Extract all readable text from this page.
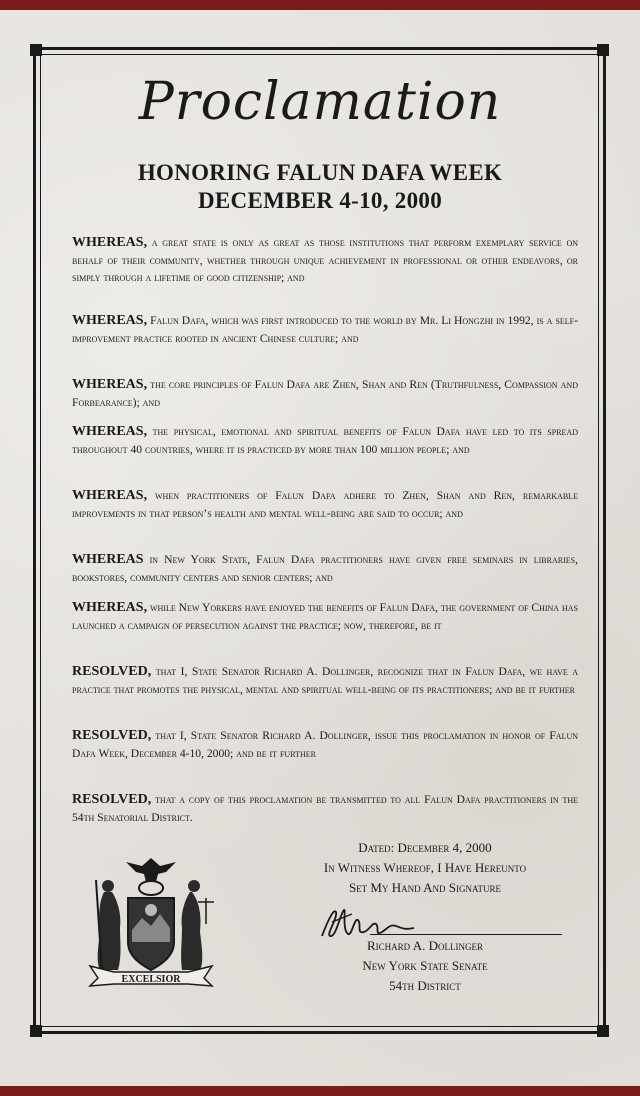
Proclamation
HONORING FALUN DAFA WEEK
DECEMBER 4-10, 2000

WHEREAS, a great state is only as great as those institutions that perform exemplary service on behalf of their community, whether through unique achievement in professional or other endeavors, or simply through a lifetime of good citizenship; and

WHEREAS, Falun Dafa, which was first introduced to the world by Mr. Li Hongzhi in 1992, is a self-improvement practice rooted in ancient Chinese culture; and

WHEREAS, the core principles of Falun Dafa are Zhen, Shan and Ren (Truthfulness, Compassion and Forbearance); and

WHEREAS, the physical, emotional and spiritual benefits of Falun Dafa have led to its spread throughout 40 countries, where it is practiced by more than 100 million people; and

WHEREAS, when practitioners of Falun Dafa adhere to Zhen, Shan and Ren, remarkable improvements in that person’s health and mental well-being are said to occur; and

WHEREAS in New York State, Falun Dafa practitioners have given free seminars in libraries, bookstores, community centers and senior centers; and

WHEREAS, while New Yorkers have enjoyed the benefits of Falun Dafa, the government of China has launched a campaign of persecution against the practice; now, therefore, be it

RESOLVED, that I, State Senator Richard A. Dollinger, recognize that in Falun Dafa, we have a practice that promotes the physical, mental and spiritual well-being of its practitioners; and be it further

RESOLVED, that I, State Senator Richard A. Dollinger, issue this proclamation in honor of Falun Dafa Week, December 4-10, 2000; and be it further

RESOLVED, that a copy of this proclamation be transmitted to all Falun Dafa practitioners in the 54th Senatorial District.

Dated: December 4, 2000
In Witness Whereof, I Have Hereunto
Set My Hand And Signature
Richard A. Dollinger
New York State Senate
54th District
EXCELSIOR
